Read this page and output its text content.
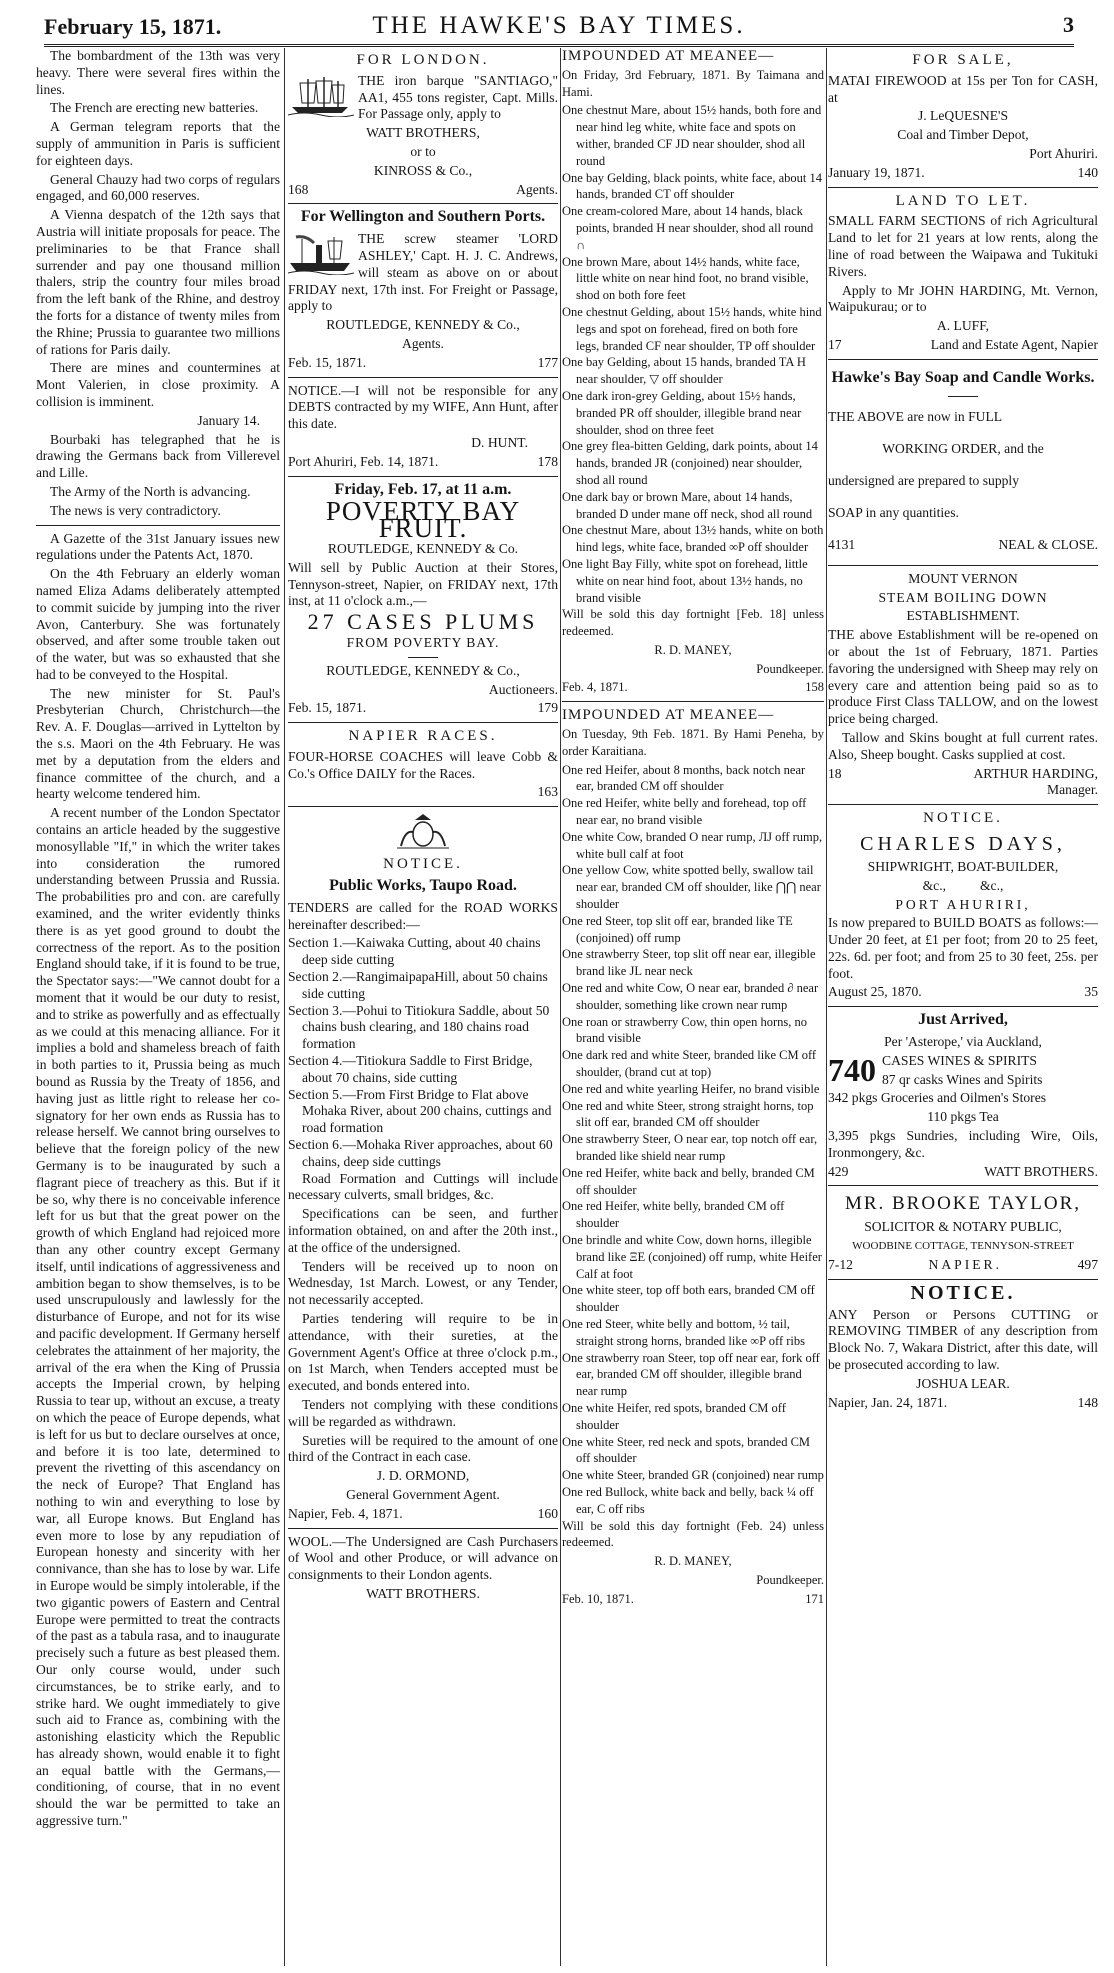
February 15, 1871.	THE HAWKE'S BAY TIMES.	3

The bombardment of the 13th was very heavy. There were several fires within the lines.

The French are erecting new batteries.

A German telegram reports that the supply of ammunition in Paris is sufficient for eighteen days.

General Chauzy had two corps of regulars engaged, and 60,000 reserves.

A Vienna despatch of the 12th says that Austria will initiate proposals for peace. The preliminaries to be that France shall surrender and pay one thousand million thalers, strip the country four miles broad from the left bank of the Rhine, and destroy the forts for a distance of twenty miles from the Rhine; Prussia to guarantee two millions of rations for Paris daily.

There are mines and countermines at Mont Valerien, in close proximity. A collision is imminent.

January 14.

Bourbaki has telegraphed that he is drawing the Germans back from Villerevel and Lille.

The Army of the North is advancing.

The news is very contradictory.

A Gazette of the 31st January issues new regulations under the Patents Act, 1870.

On the 4th February an elderly woman named Eliza Adams deliberately attempted to commit suicide by jumping into the river Avon, Canterbury. She was fortunately observed, and after some trouble taken out of the water, but was so exhausted that she had to be conveyed to the Hospital.

The new minister for St. Paul's Presbyterian Church, Christchurch—the Rev. A. F. Douglas—arrived in Lyttelton by the s.s. Maori on the 4th February. He was met by a deputation from the elders and finance committee of the church, and a hearty welcome tendered him.

A recent number of the London Spectator contains an article headed by the suggestive monosyllable "If," in which the writer takes into consideration the rumored understanding between Prussia and Russia. The probabilities pro and con. are carefully examined, and the writer evidently thinks there is as yet good ground to doubt the correctness of the report. As to the position England should take, if it is found to be true, the Spectator says:—"We cannot doubt for a moment that it would be our duty to resist, and to strike as powerfully and as effectually as we could at this menacing alliance. For it implies a bold and shameless breach of faith in both parties to it, Prussia being as much bound as Russia by the Treaty of 1856, and having just as little right to release her co-signatory for her own ends as Russia has to release herself. We cannot bring ourselves to believe that the foreign policy of the new Germany is to be inaugurated by such a flagrant piece of treachery as this. But if it be so, why there is no conceivable inference left for us but that the great power on the growth of which England had rejoiced more than any other country except Germany itself, until indications of aggressiveness and ambition began to show themselves, is to be used unscrupulously and lawlessly for the disturbance of Europe, and not for its wise and pacific development. If Germany herself celebrates the attainment of her majority, the arrival of the era when the King of Prussia accepts the Imperial crown, by helping Russia to tear up, without an excuse, a treaty on which the peace of Europe depends, what is left for us but to declare ourselves at once, and before it is too late, determined to prevent the rivetting of this ascendancy on the neck of Europe? That England has nothing to win and everything to lose by war, all Europe knows. But England has even more to lose by any repudiation of European honesty and sincerity with her connivance, than she has to lose by war. Life in Europe would be simply intolerable, if the two gigantic powers of Eastern and Central Europe were permitted to treat the contracts of the past as a tabula rasa, and to inaugurate precisely such a future as best pleased them. Our only course would, under such circumstances, be to strike early, and to strike hard. We ought immediately to give such aid to France as, combining with the astonishing elasticity which the Republic has already shown, would enable it to fight an equal battle with the Germans,—conditioning, of course, that in no event should the war be permitted to take an aggressive turn."

FOR LONDON.

THE iron barque "SANTIAGO," AA1, 455 tons register, Capt. Mills. For Passage only, apply to

WATT BROTHERS,

or to

KINROSS & Co.,

168	Agents.
For Wellington and Southern Ports.

THE screw steamer 'LORD ASHLEY,' Capt. H. J. C. Andrews, will steam as above on or about FRIDAY next, 17th inst. For Freight or Passage, apply to

ROUTLEDGE, KENNEDY & Co.,

Agents.

Feb. 15, 1871.	177

NOTICE.—I will not be responsible for any DEBTS contracted by my WIFE, Ann Hunt, after this date.

D. HUNT.

Port Ahuriri, Feb. 14, 1871.	178
Friday, Feb. 17, at 11 a.m.
POVERTY BAY FRUIT.

ROUTLEDGE, KENNEDY & Co.

Will sell by Public Auction at their Stores, Tennyson-street, Napier, on FRIDAY next, 17th inst, at 11 o'clock a.m.,—

27 CASES PLUMS

FROM POVERTY BAY.

ROUTLEDGE, KENNEDY & Co.,

Auctioneers.

Feb. 15, 1871.	179
NAPIER RACES.

FOUR-HORSE COACHES will leave Cobb & Co.'s Office DAILY for the Races.

163

NOTICE.
Public Works, Taupo Road.

TENDERS are called for the ROAD WORKS hereinafter described:—

Section 1.—Kaiwaka Cutting, about 40 chains deep side cutting

Section 2.—RangimaipapaHill, about 50 chains side cutting

Section 3.—Pohui to Titiokura Saddle, about 50 chains bush clearing, and 180 chains road formation

Section 4.—Titiokura Saddle to First Bridge, about 70 chains, side cutting

Section 5.—From First Bridge to Flat above Mohaka River, about 200 chains, cuttings and road formation

Section 6.—Mohaka River approaches, about 60 chains, deep side cuttings

Road Formation and Cuttings will include necessary culverts, small bridges, &c.

Specifications can be seen, and further information obtained, on and after the 20th inst., at the office of the undersigned.

Tenders will be received up to noon on Wednesday, 1st March. Lowest, or any Tender, not necessarily accepted.

Parties tendering will require to be in attendance, with their sureties, at the Government Agent's Office at three o'clock p.m., on 1st March, when Tenders accepted must be executed, and bonds entered into.

Tenders not complying with these conditions will be regarded as withdrawn.

Sureties will be required to the amount of one third of the Contract in each case.

J. D. ORMOND,

General Government Agent.

Napier, Feb. 4, 1871.	160

WOOL.—The Undersigned are Cash Purchasers of Wool and other Produce, or will advance on consignments to their London agents.

WATT BROTHERS.

IMPOUNDED AT MEANEE—

On Friday, 3rd February, 1871. By Taimana and Hami.

One chestnut Mare, about 15½ hands, both fore and near hind leg white, white face and spots on wither, branded CF JD near shoulder, shod all round

One bay Gelding, black points, white face, about 14 hands, branded CT off shoulder

One cream-colored Mare, about 14 hands, black points, branded H near shoulder, shod all round ∩

One brown Mare, about 14½ hands, white face, little white on near hind foot, no brand visible, shod on both fore feet

One chestnut Gelding, about 15½ hands, white hind legs and spot on forehead, fired on both fore legs, branded CF near shoulder, TP off shoulder

One bay Gelding, about 15 hands, branded TA H near shoulder, ▽ off shoulder

One dark iron-grey Gelding, about 15½ hands, branded PR off shoulder, illegible brand near shoulder, shod on three feet

One grey flea-bitten Gelding, dark points, about 14 hands, branded JR (conjoined) near shoulder, shod all round

One dark bay or brown Mare, about 14 hands, branded D under mane off neck, shod all round

One chestnut Mare, about 13½ hands, white on both hind legs, white face, branded ∞P off shoulder

One light Bay Filly, white spot on forehead, little white on near hind foot, about 13½ hands, no brand visible

Will be sold this day fortnight [Feb. 18] unless redeemed.

R. D. MANEY,

Poundkeeper.

Feb. 4, 1871.	158

IMPOUNDED AT MEANEE—

On Tuesday, 9th Feb. 1871. By Hami Peneha, by order Karaitiana.

One red Heifer, about 8 months, back notch near ear, branded CM off shoulder

One red Heifer, white belly and forehead, top off near ear, no brand visible

One white Cow, branded O near rump, ЛJ off rump, white bull calf at foot

One yellow Cow, white spotted belly, swallow tail near ear, branded CM off shoulder, like ⋂⋂ near shoulder

One red Steer, top slit off ear, branded like TE (conjoined) off rump

One strawberry Steer, top slit off near ear, illegible brand like JL near neck

One red and white Cow, O near ear, branded ∂ near shoulder, something like crown near rump

One roan or strawberry Cow, thin open horns, no brand visible

One dark red and white Steer, branded like CM off shoulder, (brand cut at top)

One red and white yearling Heifer, no brand visible

One red and white Steer, strong straight horns, top slit off ear, branded CM off shoulder

One strawberry Steer, O near ear, top notch off ear, branded like shield near rump

One red Heifer, white back and belly, branded CM off shoulder

One red Heifer, white belly, branded CM off shoulder

One brindle and white Cow, down horns, illegible brand like ΞE (conjoined) off rump, white Heifer Calf at foot

One white steer, top off both ears, branded CM off shoulder

One red Steer, white belly and bottom, ½ tail, straight strong horns, branded like ∞P off ribs

One strawberry roan Steer, top off near ear, fork off ear, branded CM off shoulder, illegible brand near rump

One white Heifer, red spots, branded CM off shoulder

One white Steer, red neck and spots, branded CM off shoulder

One white Steer, branded GR (conjoined) near rump

One red Bullock, white back and belly, back ¼ off ear, C off ribs

Will be sold this day fortnight (Feb. 24) unless redeemed.

R. D. MANEY,

Poundkeeper.

Feb. 10, 1871.	171
FOR SALE,

MATAI FIREWOOD at 15s per Ton for CASH, at

J. LeQUESNE'S

Coal and Timber Depot,

Port Ahuriri.

January 19, 1871.	140
LAND TO LET.

SMALL FARM SECTIONS of rich Agricultural Land to let for 21 years at low rents, along the line of road between the Waipawa and Tukituki Rivers.

Apply to Mr JOHN HARDING, Mt. Vernon, Waipukurau; or to

A. LUFF,

17	Land and Estate Agent, Napier
Hawke's Bay Soap and Candle Works.

THE ABOVE are now in FULL

WORKING ORDER, and the

undersigned are prepared to supply

SOAP in any quantities.

4131	NEAL & CLOSE.

MOUNT VERNON

STEAM BOILING DOWN

ESTABLISHMENT.

THE above Establishment will be re-opened on or about the 1st of February, 1871. Parties favoring the undersigned with Sheep may rely on every care and attention being paid so as to produce First Class TALLOW, and on the lowest price being charged.

Tallow and Skins bought at full current rates. Also, Sheep bought. Casks supplied at cost.

18	ARTHUR HARDING,

Manager.

NOTICE.

CHARLES DAYS,

SHIPWRIGHT, BOAT-BUILDER,

&c.,          &c.,

PORT AHURIRI,

Is now prepared to BUILD BOATS as follows:—Under 20 feet, at £1 per foot; from 20 to 25 feet, 22s. 6d. per foot; and from 25 to 30 feet, 25s. per foot.

August 25, 1870.	35
Just Arrived,

Per 'Asterope,' via Auckland,

740 CASES WINES & SPIRITS

87 qr casks Wines and Spirits

342 pkgs Groceries and Oilmen's Stores

110 pkgs Tea

3,395 pkgs Sundries, including Wire, Oils, Ironmongery, &c.

429	WATT BROTHERS.

MR. BROOKE TAYLOR,

SOLICITOR & NOTARY PUBLIC,

WOODBINE COTTAGE, TENNYSON-STREET

7-12	NAPIER.	497
NOTICE.

ANY Person or Persons CUTTING or REMOVING TIMBER of any description from Block No. 7, Wakara District, after this date, will be prosecuted according to law.

JOSHUA LEAR.

Napier, Jan. 24, 1871.	148
